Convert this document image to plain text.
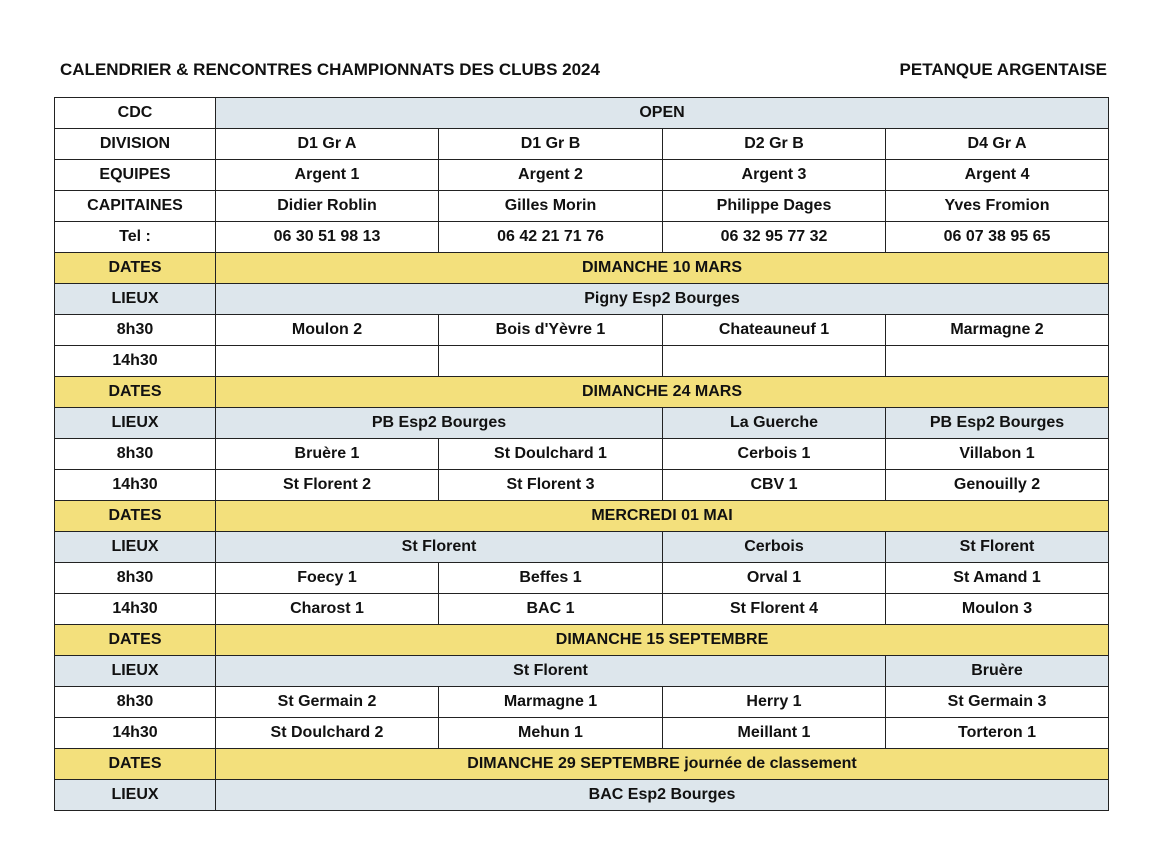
CALENDRIER & RENCONTRES CHAMPIONNATS DES CLUBS 2024	PETANQUE ARGENTAISE
CDC	OPEN			
DIVISION	D1 Gr A	D1 Gr B	D2 Gr B	D4 Gr A
EQUIPES	Argent 1	Argent 2	Argent 3	Argent 4
CAPITAINES	Didier Roblin	Gilles Morin	Philippe Dages	Yves Fromion
Tel :	06 30 51 98 13	06 42 21 71 76	06 32 95 77 32	06 07 38 95 65
DATES	DIMANCHE 10 MARS			
LIEUX	Pigny Esp2 Bourges			
8h30	Moulon 2	Bois d'Yèvre 1	Chateauneuf 1	Marmagne 2
14h30				
DATES	DIMANCHE 24 MARS			
LIEUX	PB Esp2 Bourges		La Guerche	PB Esp2 Bourges
8h30	Bruère 1	St Doulchard 1	Cerbois 1	Villabon 1
14h30	St Florent 2	St Florent 3	CBV 1	Genouilly 2
DATES	MERCREDI 01 MAI			
LIEUX	St Florent		Cerbois	St Florent
8h30	Foecy 1	Beffes 1	Orval 1	St Amand 1
14h30	Charost 1	BAC 1	St Florent 4	Moulon 3
DATES	DIMANCHE 15 SEPTEMBRE			
LIEUX	St Florent			Bruère
8h30	St Germain 2	Marmagne 1	Herry 1	St Germain 3
14h30	St Doulchard 2	Mehun 1	Meillant 1	Torteron 1
DATES	DIMANCHE 29 SEPTEMBRE journée de classement			
LIEUX	BAC Esp2 Bourges			
